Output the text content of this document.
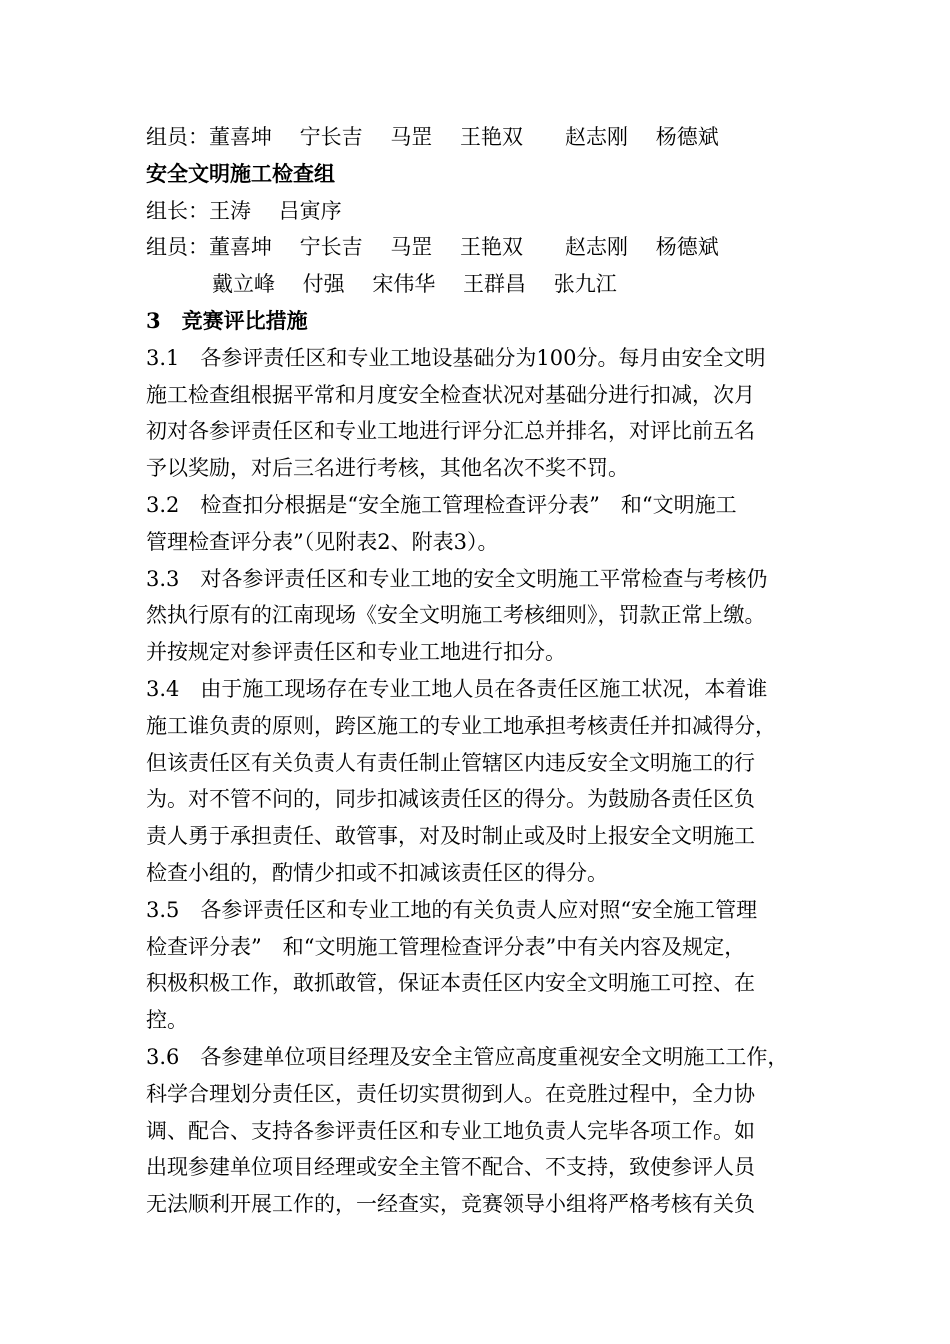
组员：董喜坤　 宁长吉　 马罡　 王艳双　　赵志刚　 杨德斌
安全文明施工检查组
组长：王涛　 吕寅序
组员：董喜坤　 宁长吉　 马罡　 王艳双　　赵志刚　 杨德斌
戴立峰　 付强　 宋伟华　 王群昌　 张九江
3　竞赛评比措施
3.1　各参评责任区和专业工地设基础分为100分。每月由安全文明
施工检查组根据平常和月度安全检查状况对基础分进行扣减，次月
初对各参评责任区和专业工地进行评分汇总并排名，对评比前五名
予以奖励，对后三名进行考核，其他名次不奖不罚。
3.2　检查扣分根据是“安全施工管理检查评分表”　和“文明施工
管理检查评分表”（见附表2、附表3）。
3.3　对各参评责任区和专业工地的安全文明施工平常检查与考核仍
然执行原有的江南现场《安全文明施工考核细则》，罚款正常上缴。
并按规定对参评责任区和专业工地进行扣分。
3.4　由于施工现场存在专业工地人员在各责任区施工状况，本着谁
施工谁负责的原则，跨区施工的专业工地承担考核责任并扣减得分，
但该责任区有关负责人有责任制止管辖区内违反安全文明施工的行
为。对不管不问的，同步扣减该责任区的得分。为鼓励各责任区负
责人勇于承担责任、敢管事，对及时制止或及时上报安全文明施工
检查小组的，酌情少扣或不扣减该责任区的得分。
3.5　各参评责任区和专业工地的有关负责人应对照“安全施工管理
检查评分表”　和“文明施工管理检查评分表”中有关内容及规定，
积极积极工作，敢抓敢管，保证本责任区内安全文明施工可控、在
控。
3.6　各参建单位项目经理及安全主管应高度重视安全文明施工工作，
科学合理划分责任区，责任切实贯彻到人。在竞胜过程中，全力协
调、配合、支持各参评责任区和专业工地负责人完毕各项工作。如
出现参建单位项目经理或安全主管不配合、不支持，致使参评人员
无法顺利开展工作的，一经查实，竞赛领导小组将严格考核有关负
